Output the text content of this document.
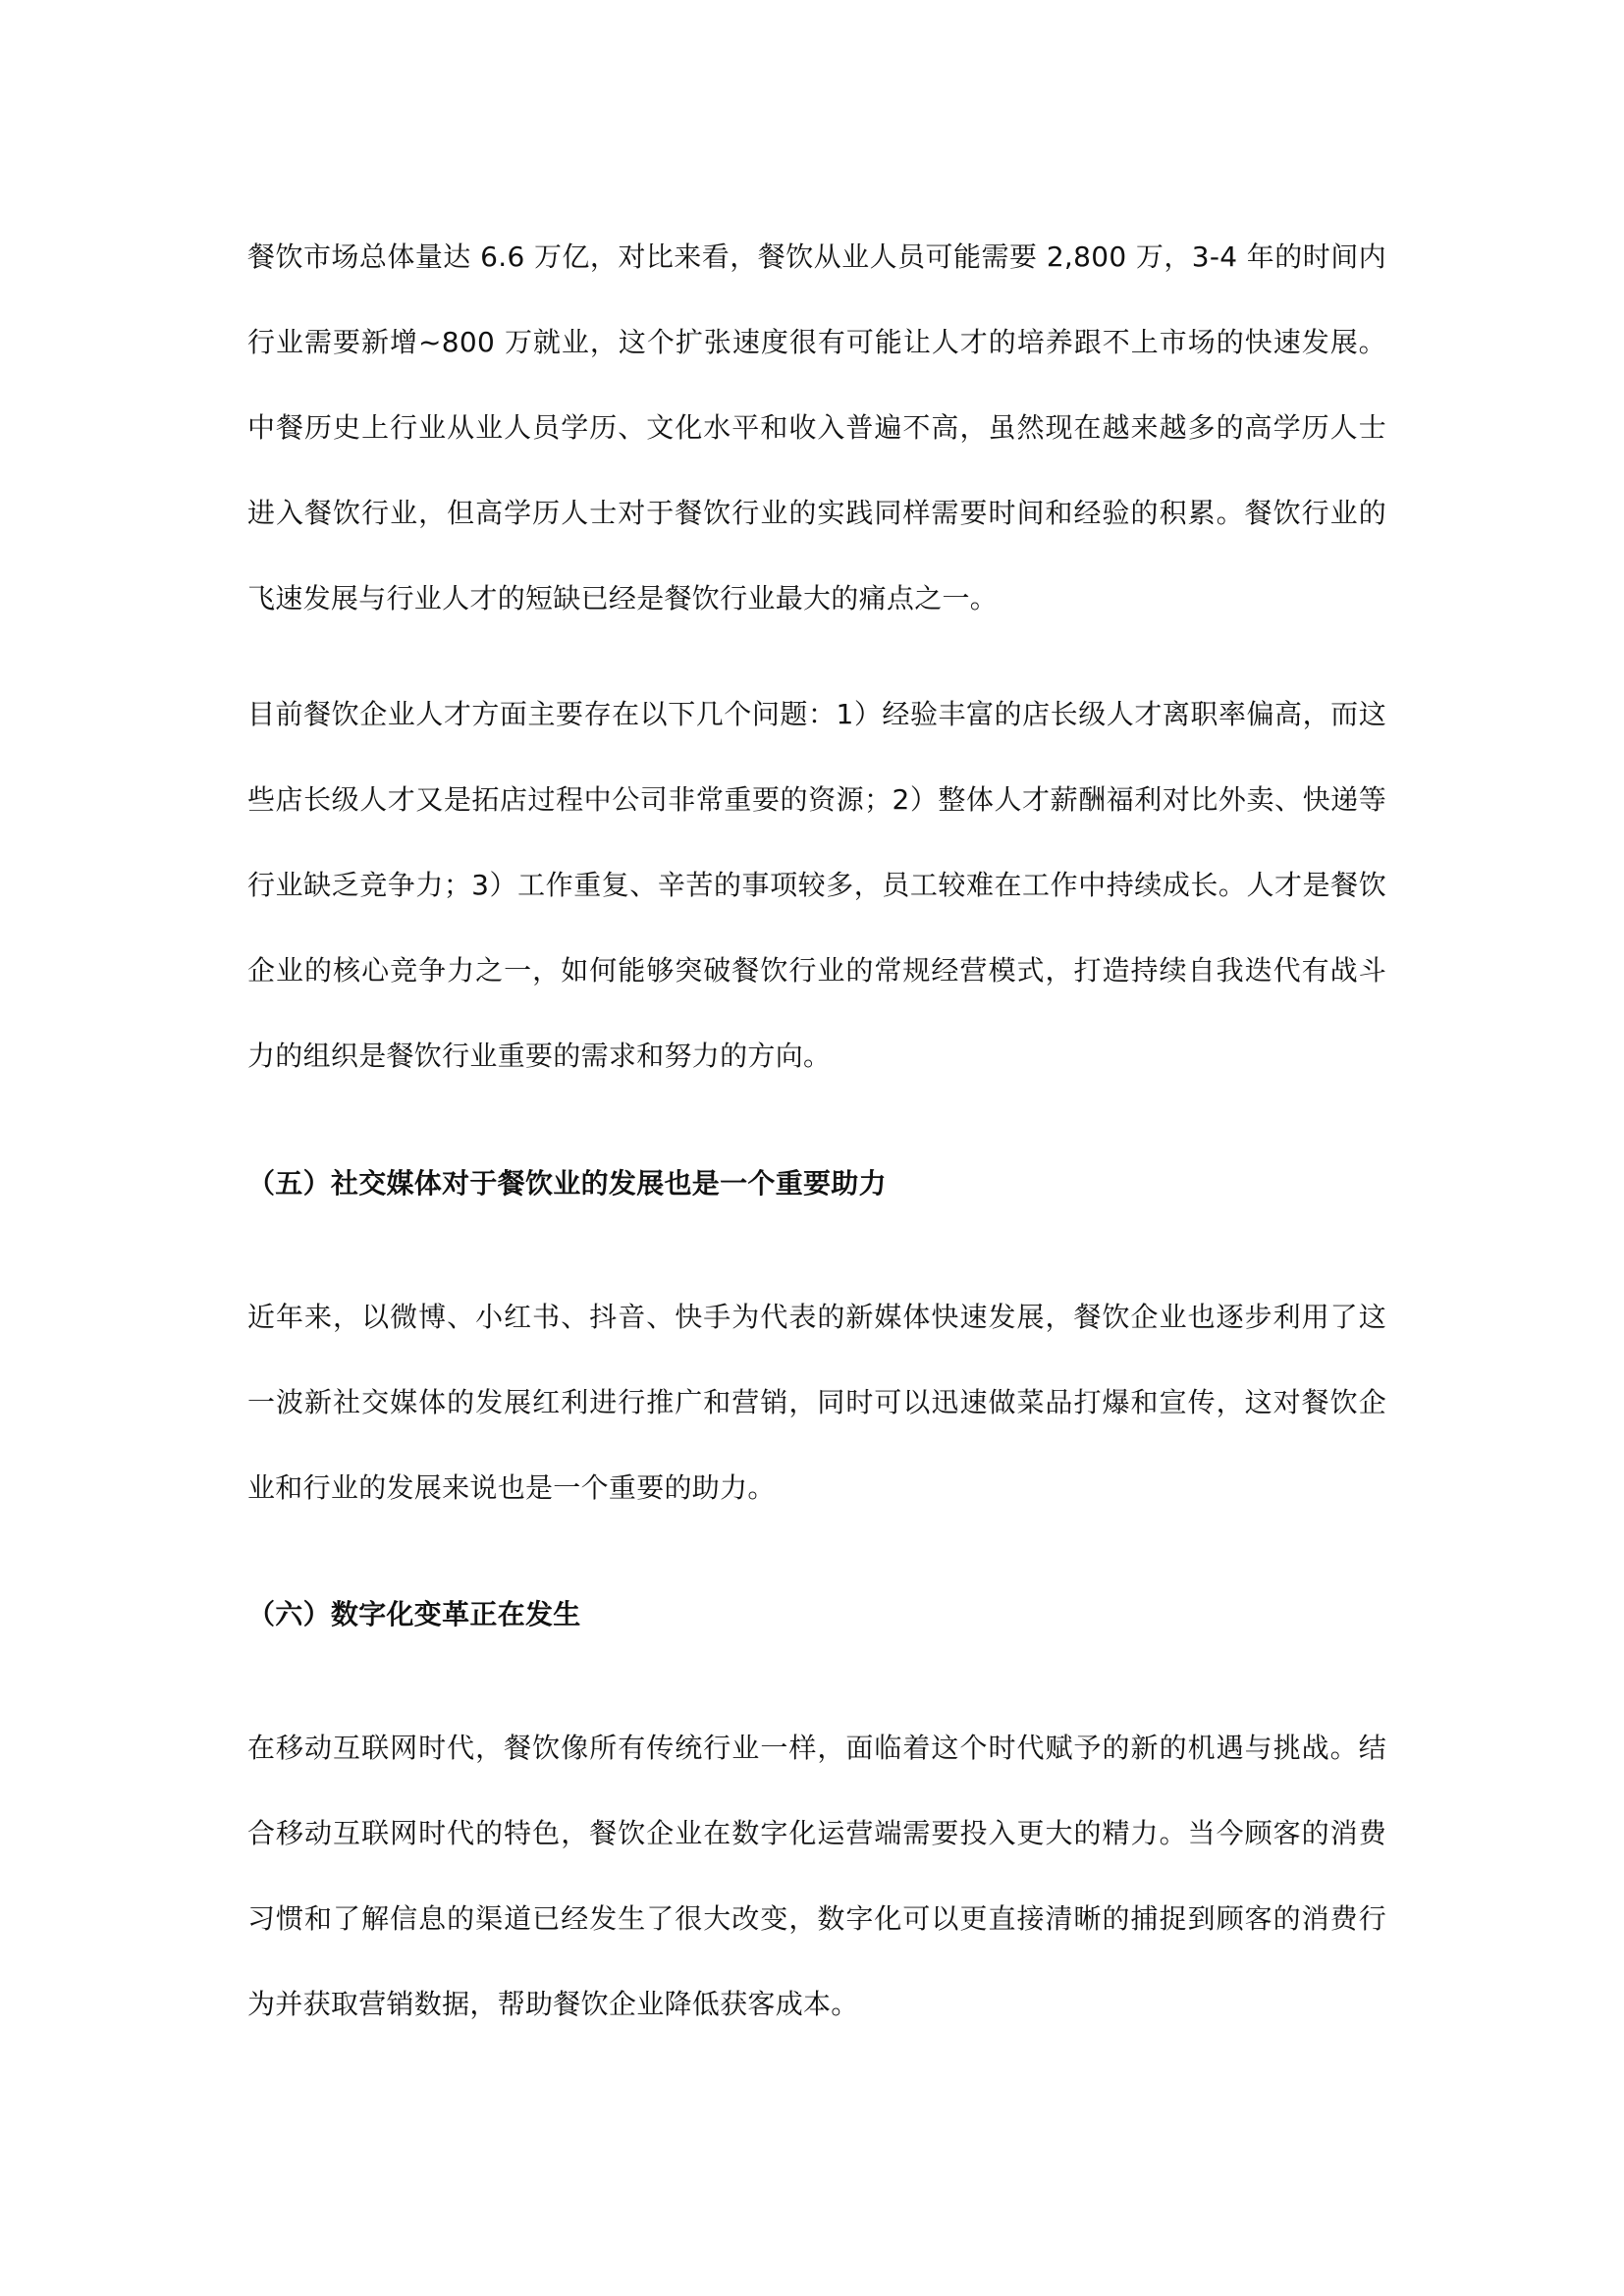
餐饮市场总体量达 6.6 万亿，对比来看，餐饮从业人员可能需要 2,800 万，3-4 年的时间内行业需要新增~800 万就业，这个扩张速度很有可能让人才的培养跟不上市场的快速发展。中餐历史上行业从业人员学历、文化水平和收入普遍不高，虽然现在越来越多的高学历人士进入餐饮行业，但高学历人士对于餐饮行业的实践同样需要时间和经验的积累。餐饮行业的飞速发展与行业人才的短缺已经是餐饮行业最大的痛点之一。

目前餐饮企业人才方面主要存在以下几个问题：1）经验丰富的店长级人才离职率偏高，而这些店长级人才又是拓店过程中公司非常重要的资源；2）整体人才薪酬福利对比外卖、快递等行业缺乏竞争力；3）工作重复、辛苦的事项较多，员工较难在工作中持续成长。人才是餐饮企业的核心竞争力之一，如何能够突破餐饮行业的常规经营模式，打造持续自我迭代有战斗力的组织是餐饮行业重要的需求和努力的方向。

（五）社交媒体对于餐饮业的发展也是一个重要助力

近年来，以微博、小红书、抖音、快手为代表的新媒体快速发展，餐饮企业也逐步利用了这一波新社交媒体的发展红利进行推广和营销，同时可以迅速做菜品打爆和宣传，这对餐饮企业和行业的发展来说也是一个重要的助力。

（六）数字化变革正在发生

在移动互联网时代，餐饮像所有传统行业一样，面临着这个时代赋予的新的机遇与挑战。结合移动互联网时代的特色，餐饮企业在数字化运营端需要投入更大的精力。当今顾客的消费习惯和了解信息的渠道已经发生了很大改变，数字化可以更直接清晰的捕捉到顾客的消费行为并获取营销数据，帮助餐饮企业降低获客成本。
